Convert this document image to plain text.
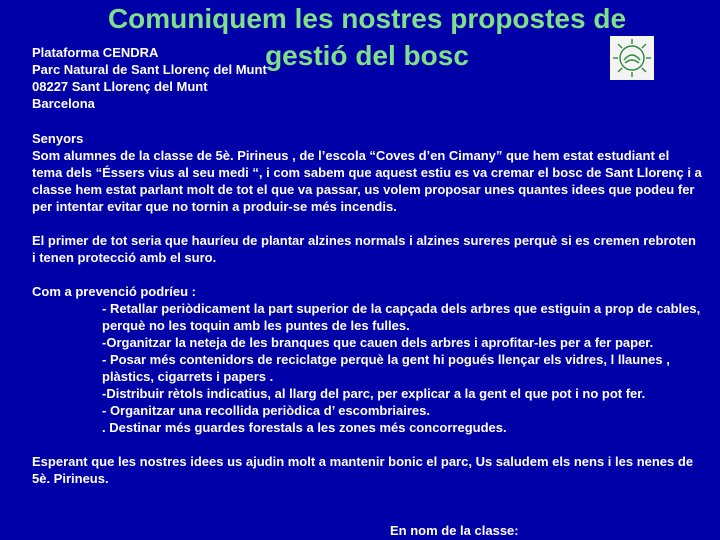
Comuniquem les nostres propostes de
gestió del bosc
Plataforma CENDRA
Parc Natural de Sant Llorenç del Munt
08227 Sant Llorenç del Munt
Barcelona

Senyors

Som alumnes de la classe de 5è. Pirineus , de l’escola “Coves d’en Cimany” que hem estat estudiant el tema dels “Éssers vius al seu medi “, i com sabem que aquest estiu es va cremar el bosc de Sant Llorenç i a classe hem estat parlant molt de tot el que va passar, us volem proposar unes quantes idees que podeu fer per intentar evitar que no tornin a produir-se més incendis.

El primer de tot seria que hauríeu de plantar alzines normals i alzines sureres perquè si es cremen rebroten i tenen protecció amb el suro.

Com a prevenció podríeu :

- Retallar periòdicament la part superior de la capçada dels arbres que estiguin a prop de cables, perquè no les toquin amb les puntes de les fulles.

-Organitzar la neteja de les branques que cauen dels arbres i aprofitar-les per a fer paper.

- Posar més contenidors de reciclatge perquè la gent hi pogués llençar els vidres, l llaunes , plàstics, cigarrets i papers .

-Distribuir rètols indicatius, al llarg del parc, per explicar a la gent el que pot i no pot fer.

- Organitzar una recollida periòdica d’ escombriaires.

. Destinar més guardes forestals a les zones més concorregudes.

Esperant que les nostres idees us ajudin molt a mantenir bonic el parc, Us saludem els nens i les nenes de 5è. Pirineus.

En nom de la classe:
